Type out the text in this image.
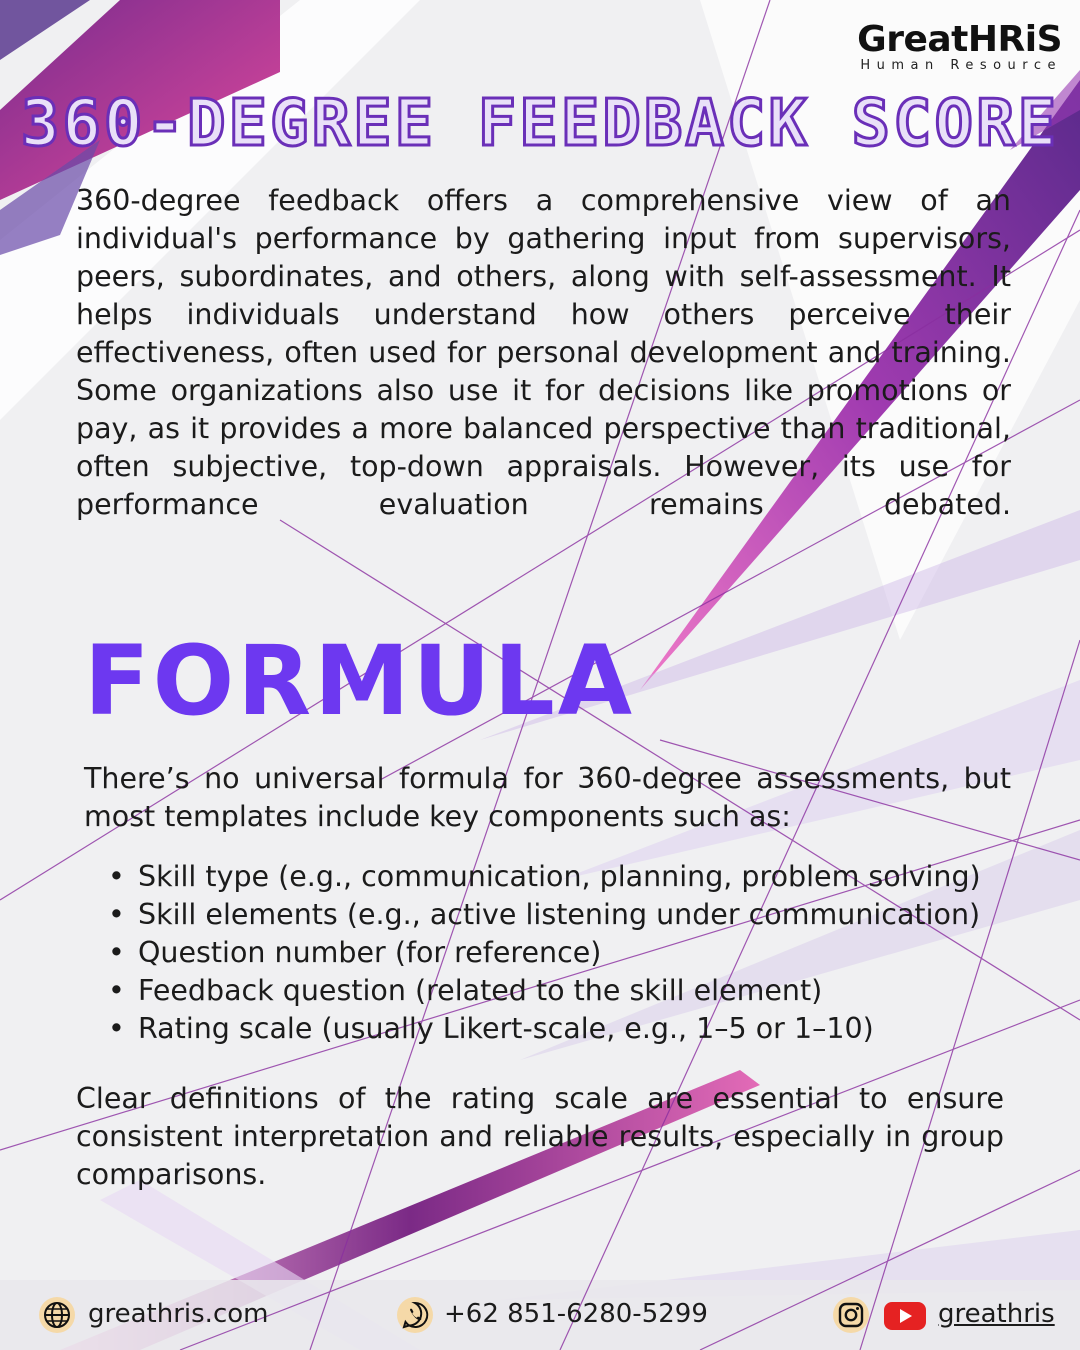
GreatHRiS
Human Resource
360-DEGREE FEEDBACK SCORE
360-degree feedback offers a comprehensive view of an individual's performance by gathering input from supervisors, peers, subordinates, and others, along with self-assessment. It helps individuals understand how others perceive their effectiveness, often used for personal development and training. Some organizations also use it for decisions like promotions or pay, as it provides a more balanced perspective than traditional, often subjective, top-down appraisals. However, its use for performance evaluation remains debated.
FORMULA
There’s no universal formula for 360-degree assessments, but most templates include key components such as:
• Skill type (e.g., communication, planning, problem solving)
• Skill elements (e.g., active listening under communication)
• Question number (for reference)
• Feedback question (related to the skill element)
• Rating scale (usually Likert-scale, e.g., 1–5 or 1–10)
Clear definitions of the rating scale are essential to ensure consistent interpretation and reliable results, especially in group comparisons.
greathris.com	+62 851-6280-5299	greathris
